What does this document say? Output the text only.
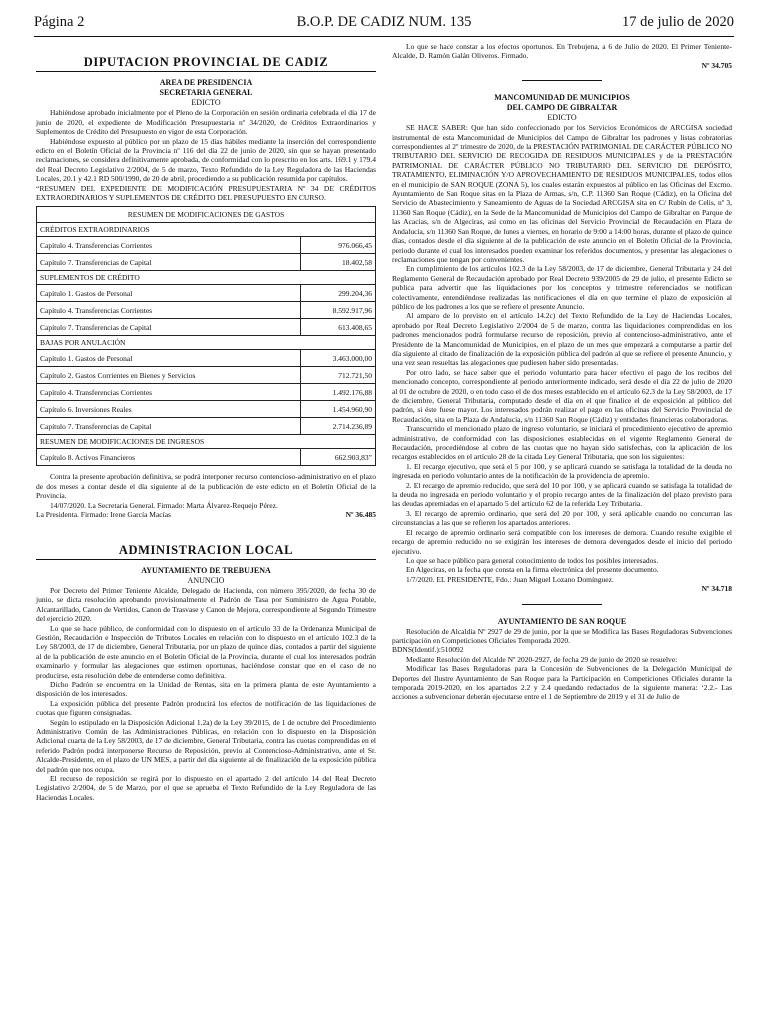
Página 2	B.O.P. DE CADIZ NUM. 135	17 de julio de 2020
DIPUTACION PROVINCIAL DE CADIZ
AREA DE PRESIDENCIA
SECRETARIA GENERAL
EDICTO

Habiéndose aprobado inicialmente por el Pleno de la Corporación en sesión ordinaria celebrada el día 17 de junio de 2020, el expediente de Modificación Presupuestaria nº 34/2020, de Créditos Extraordinarios y Suplementos de Crédito del Presupuesto en vigor de esta Corporación.

Habiéndose expuesto al público por un plazo de 15 días hábiles mediante la inserción del correspondiente edicto en el Boletín Oficial de la Provincia nº 116 del día 22 de junio de 2020, sin que se hayan presentado reclamaciones, se considera definitivamente aprobada, de conformidad con lo prescrito en los arts. 169.1 y 179.4 del Real Decreto Legislativo 2/2004, de 5 de marzo, Texto Refundido de la Ley Reguladora de las Haciendas Locales, 20.1 y 42.1 RD 500/1990, de 20 de abril, procediendo a su publicación resumida por capítulos.

“RESUMEN DEL EXPEDIENTE DE MODIFICACIÓN PRESUPUESTARIA Nº 34 DE CRÉDITOS EXTRAORDINARIOS Y SUPLEMENTOS DE CRÉDITO DEL PRESUPUESTO EN CURSO.

RESUMEN DE MODIFICACIONES DE GASTOS	
CRÉDITOS EXTRAORDINARIOS	
Capítulo 4. Transferencias Corrientes	976.066,45
Capítulo 7. Transferencias de Capital	18.402,58
SUPLEMENTOS DE CRÉDITO	
Capítulo 1. Gastos de Personal	299.204,36
Capítulo 4. Transferencias Corrientes	8.592.917,96
Capítulo 7. Transferencias de Capital	613.408,65
BAJAS POR ANULACIÓN	
Capítulo 1. Gastos de Personal	3.463.000,00
Capítulo 2. Gastos Corrientes en Bienes y Servicios	712.721,50
Capítulo 4. Transferencias Corrientes	1.492.176,88
Capítulo 6. Inversiones Reales	1.454.960,90
Capítulo 7. Transferencias de Capital	2.714.236,89
RESUMEN DE MODIFICACIONES DE INGRESOS	
Capítulo 8. Activos Financieros	662.903,83”

Contra la presente aprobación definitiva, se podrá interponer recurso contencioso-administrativo en el plazo de dos meses a contar desde el día siguiente al de la publicación de este edicto en el Boletín Oficial de la Provincia.

14/07/2020. La Secretaria General. Firmado: Marta Álvarez-Requejo Pérez.

La Presidenta. Firmado: Irene García Macías	Nº 36.485
ADMINISTRACION LOCAL
AYUNTAMIENTO DE TREBUJENA
ANUNCIO

Por Decreto del Primer Teniente Alcalde, Delegado de Hacienda, con número 395/2020, de fecha 30 de junio, se dicta resolución aprobando provisionalmente el Padrón de Tasa por Suministro de Agua Potable, Alcantarillado, Canon de Vertidos, Canon de Trasvase y Canon de Mejora, correspondiente al Segundo Trimestre del ejercicio 2020.

Lo que se hace público, de conformidad con lo dispuesto en el artículo 33 de la Ordenanza Municipal de Gestión, Recaudación e Inspección de Tributos Locales en relación con lo dispuesto en el artículo 102.3 de la Ley 58/2003, de 17 de diciembre, General Tributaria, por un plazo de quince días, contados a partir del siguiente al de la publicación de este anuncio en el Boletín Oficial de la Provincia, durante el cual los interesados podrán examinarlo y formular las alegaciones que estimen oportunas, haciéndose constar que en el caso de no producirse, esta resolución debe de entenderse como definitiva.

Dicho Padrón se encuentra en la Unidad de Rentas, sita en la primera planta de este Ayuntamiento a disposición de los interesados.

La exposición pública del presente Padrón producirá los efectos de notificación de las liquidaciones de cuotas que figuren consignadas.

Según lo estipulado en la Disposición Adicional 1.2a) de la Ley 39/2015, de 1 de octubre del Procedimiento Administrativo Común de las Administraciones Públicas, en relación con lo dispuesto en la Disposición Adicional cuarta de la Ley 58/2003, de 17 de diciembre, General Tributaria, contra las cuotas comprendidas en el referido Padrón podrá interponerse Recurso de Reposición, previo al Contencioso-Administrativo, ante el Sr. Alcalde-Presidente, en el plazo de UN MES, a partir del día siguiente al de finalización de la exposición pública del padrón que nos ocupa.

El recurso de reposición se regirá por lo dispuesto en el apartado 2 del artículo 14 del Real Decreto Legislativo 2/2004, de 5 de Marzo, por el que se aprueba el Texto Refundido de la Ley Reguladora de las Haciendas Locales.

Lo que se hace constar a los efectos oportunos. En Trebujena, a 6 de Julio de 2020. El Primer Teniente-Alcalde, D. Ramón Galán Oliveros. Firmado.

Nº 34.705
MANCOMUNIDAD DE MUNICIPIOS
DEL CAMPO DE GIBRALTAR
EDICTO

SE HACE SABER: Que han sido confeccionado por los Servicios Económicos de ARCGISA sociedad instrumental de esta Mancomunidad de Municipios del Campo de Gibraltar los padrones y listas cobratorias correspondientes al 2º trimestre de 2020, de la PRESTACIÓN PATRIMONIAL DE CARÁCTER PÚBLICO NO TRIBUTARIO DEL SERVICIO DE RECOGIDA DE RESIDUOS MUNICIPALES y de la PRESTACIÓN PATRIMONIAL DE CARÁCTER PÚBLICO NO TRIBUTARIO DEL SERVICIO DE DEPÓSITO, TRATAMIENTO, ELIMINACIÓN Y/O APROVECHAMIENTO DE RESIDUOS MUNICIPALES, todos ellos en el municipio de SAN ROQUE (ZONA 5), los cuales estarán expuestos al público en las Oficinas del Excmo. Ayuntamiento de San Roque sitas en la Plaza de Armas, s/n, C.P. 11360 San Roque (Cádiz), en la Oficina del Servicio de Abastecimiento y Saneamiento de Aguas de la Sociedad ARCGISA sita en C/ Rubín de Celis, nº 3, 11360 San Roque (Cádiz), en la Sede de la Mancomunidad de Municipios del Campo de Gibraltar en Parque de las Acacias, s/n de Algeciras, así como en las oficinas del Servicio Provincial de Recaudación en Plaza de Andalucía, s/n 11360 San Roque, de lunes a viernes, en horario de 9:00 a 14:00 horas, durante el plazo de quince días, contados desde el día siguiente al de la publicación de este anuncio en el Boletín Oficial de la Provincia, periodo durante el cual los interesados pueden examinar los referidos documentos, y presentar las alegaciones o reclamaciones que tengan por convenientes.

En cumplimiento de los artículos 102.3 de la Ley 58/2003, de 17 de diciembre, General Tributaria y 24 del Reglamento General de Recaudación aprobado por Real Decreto 939/2005 de 29 de julio, el presente Edicto se publica para advertir que las liquidaciones por los conceptos y trimestre referenciados se notifican colectivamente, entendiéndose realizadas las notificaciones el día en que termine el plazo de exposición al público de los padrones a los que se refiere el presente Anuncio.

Al amparo de lo previsto en el artículo 14.2c) del Texto Refundido de la Ley de Haciendas Locales, aprobado por Real Decreto Legislativo 2/2004 de 5 de marzo, contra las liquidaciones comprendidas en los padrones mencionados podrá formularse recurso de reposición, previo al contencioso-administrativo, ante el Presidente de la Mancomunidad de Municipios, en el plazo de un mes que empezará a computarse a partir del día siguiente al citado de finalización de la exposición pública del padrón al que se refiere el presente Anuncio, y una vez sean resueltas las alegaciones que pudiesen haber sido presentadas.

Por otro lado, se hace saber que el periodo voluntario para hacer efectivo el pago de los recibos del mencionado concepto, correspondiente al periodo anteriormente indicado, será desde el día 22 de julio de 2020 al 01 de octubre de 2020, o en todo caso el de dos meses establecido en el artículo 62.3 de la Ley 58/2003, de 17 de diciembre, General Tributaria, computado desde el día en el que finalice el de exposición al público del padrón, si éste fuese mayor. Los interesados podrán realizar el pago en las oficinas del Servicio Provincial de Recaudación, sita en la Plaza de Andalucía, s/n 11360 San Roque (Cádiz) y entidades financieras colaboradoras.

Transcurrido el mencionado plazo de ingreso voluntario, se iniciará el procedimiento ejecutivo de apremio administrativo, de conformidad con las disposiciones establecidas en el vigente Reglamento General de Recaudación, procediéndose al cobro de las cuotas que no hayan sido satisfechas, con la aplicación de los recargos establecidos en el artículo 28 de la citada Ley General Tributaria, que son los siguientes:

1. El recargo ejecutivo, que será el 5 por 100, y se aplicará cuando se satisfaga la totalidad de la deuda no ingresada en periodo voluntario antes de la notificación de la providencia de apremio.

2. El recargo de apremio reducido, que será del 10 por 100, y se aplicará cuando se satisfaga la totalidad de la deuda no ingresada en periodo voluntario y el propio recargo antes de la finalización del plazo previsto para las deudas apremiadas en el apartado 5 del artículo 62 de la referida Ley Tributaria.

3. El recargo de apremio ordinario, que será del 20 por 100, y será aplicable cuando no concurran las circunstancias a las que se refieren los apartados anteriores.

El recargo de apremio ordinario será compatible con los intereses de demora. Cuando resulte exigible el recargo de apremio reducido no se exigirán los intereses de demora devengados desde el inicio del periodo ejecutivo.

Lo que se hace público para general conocimiento de todos los posibles interesados.

En Algeciras, en la fecha que consta en la firma electrónica del presente documento.

1/7/2020. EL PRESIDENTE, Fdo.: Juan Miguel Lozano Domínguez.

Nº 34.718
AYUNTAMIENTO DE SAN ROQUE

Resolución de Alcaldía Nº 2927 de 29 de junio, por la que se Modifica las Bases Reguladoras Subvenciones participación en Competiciones Oficiales Temporada 2020.

BDNS(Identif.):510092

Mediante Resolución del Alcalde Nº 2020-2927, de fecha 29 de junio de 2020 se resuelve:

Modificar las Bases Reguladoras para la Concesión de Subvenciones de la Delegación Municipal de Deportes del Ilustre Ayuntamiento de San Roque para la Participación en Competiciones Oficiales durante la temporada 2019-2020, en los apartados 2.2 y 2.4 quedando redactados de la siguiente manera: ‘2.2.- Las acciones a subvencionar deberán ejecutarse entre el 1 de Septiembre de 2019 y el 31 de Julio de
